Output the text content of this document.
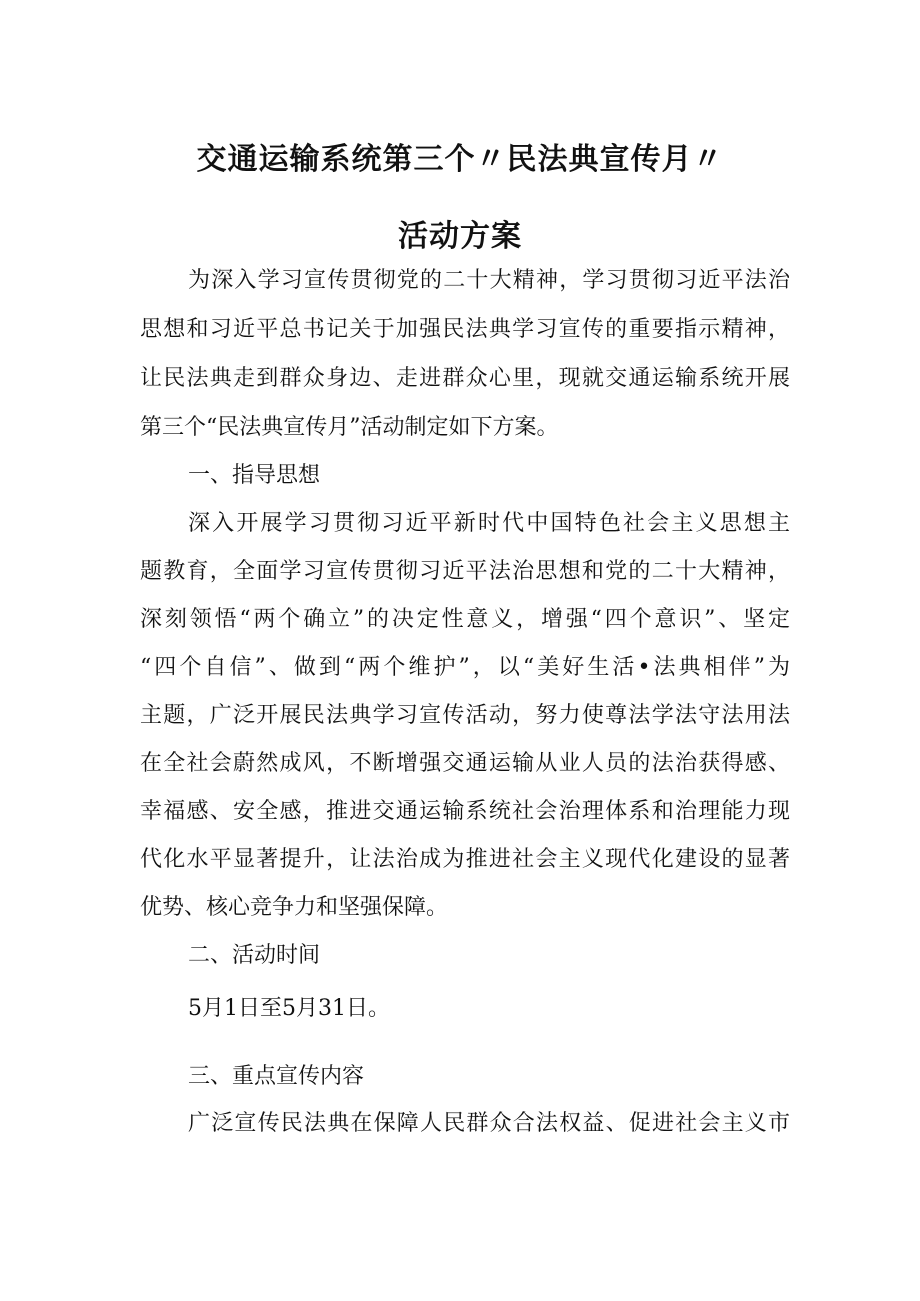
交通运输系统第三个〃民法典宣传月〃
活动方案
为深入学习宣传贯彻党的二十大精神，学习贯彻习近平法治
思想和习近平总书记关于加强民法典学习宣传的重要指示精神，
让民法典走到群众身边、走进群众心里，现就交通运输系统开展
第三个“民法典宣传月”活动制定如下方案。
一、指导思想
深入开展学习贯彻习近平新时代中国特色社会主义思想主
题教育，全面学习宣传贯彻习近平法治思想和党的二十大精神，
深刻领悟“两个确立”的决定性意义，增强“四个意识”、坚定
“四个自信”、做到“两个维护”，以“美好生活•法典相伴”为
主题，广泛开展民法典学习宣传活动，努力使尊法学法守法用法
在全社会蔚然成风，不断增强交通运输从业人员的法治获得感、
幸福感、安全感，推进交通运输系统社会治理体系和治理能力现
代化水平显著提升，让法治成为推进社会主义现代化建设的显著
优势、核心竞争力和坚强保障。
二、活动时间
5月1日至5月31日。
三、重点宣传内容
广泛宣传民法典在保障人民群众合法权益、促进社会主义市
